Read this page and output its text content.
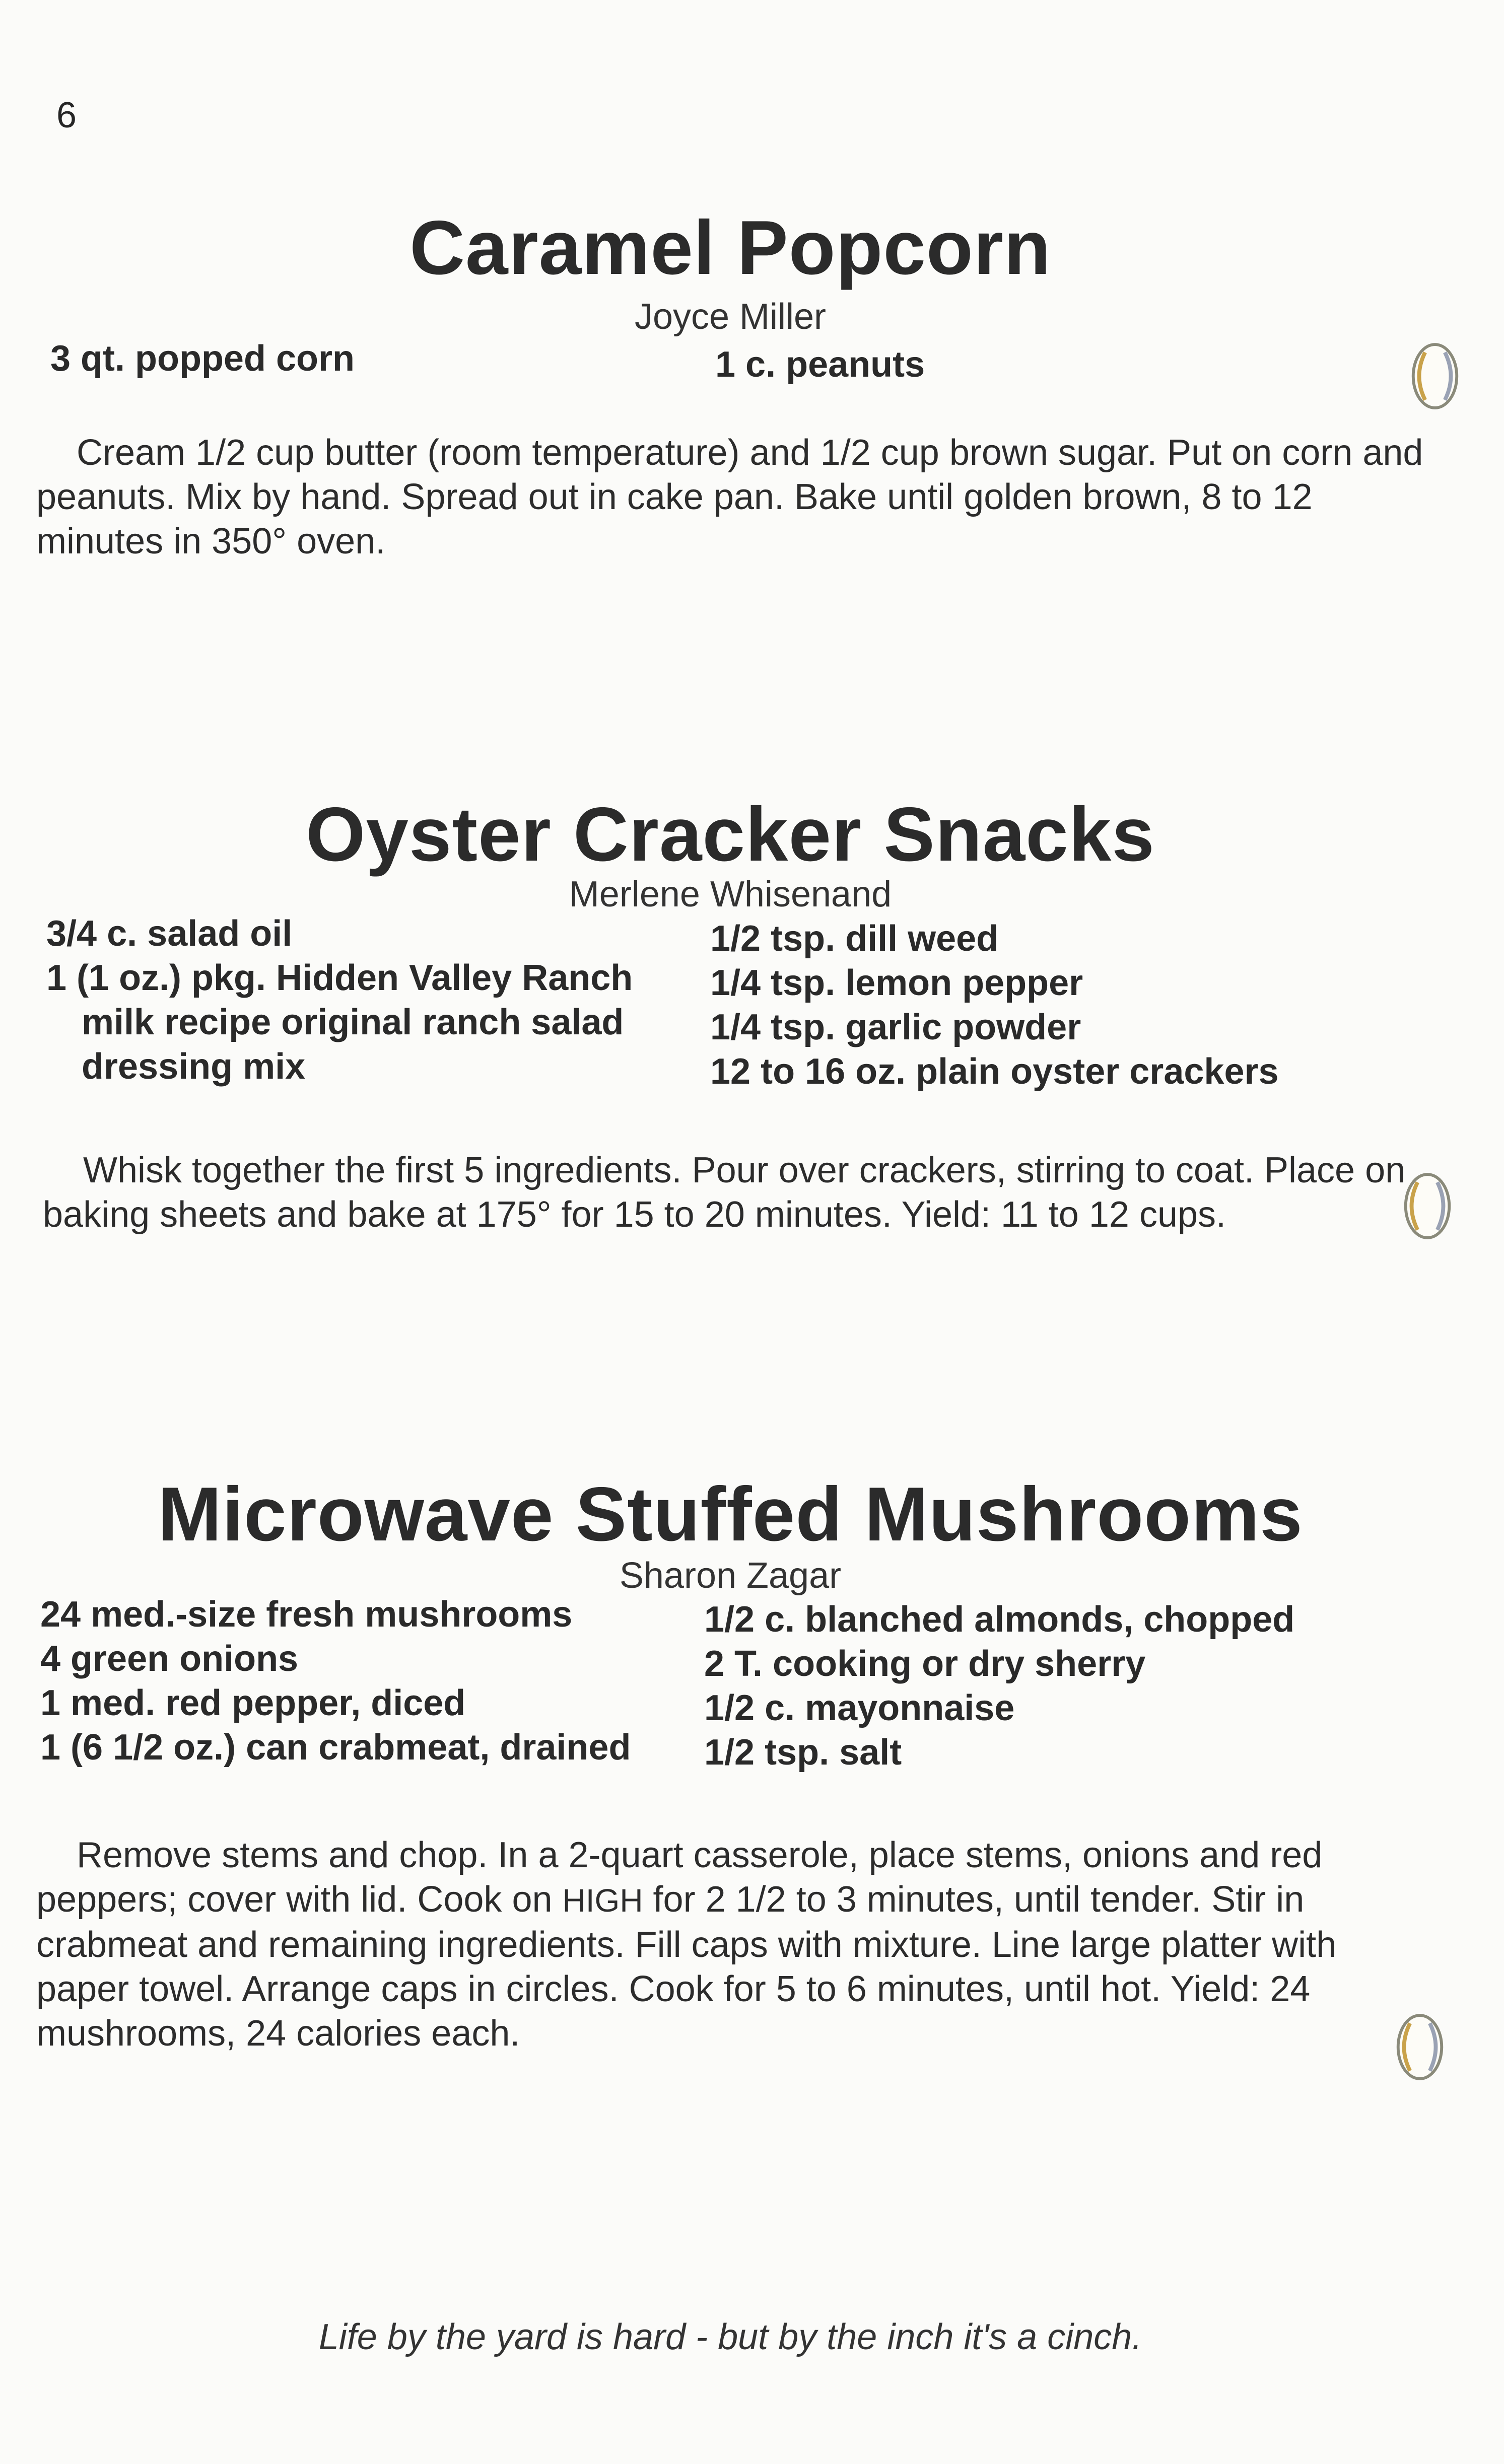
6
Caramel Popcorn
Joyce Miller
3 qt. popped corn	1 c. peanuts
Cream 1/2 cup butter (room temperature) and 1/2 cup brown sugar. Put on corn and peanuts. Mix by hand. Spread out in cake pan. Bake until golden brown, 8 to 12 minutes in 350° oven.
Oyster Cracker Snacks
Merlene Whisenand
3/4 c. salad oil
1 (1 oz.) pkg. Hidden Valley Ranch
milk recipe original ranch salad
dressing mix
1/2 tsp. dill weed
1/4 tsp. lemon pepper
1/4 tsp. garlic powder
12 to 16 oz. plain oyster crackers
Whisk together the first 5 ingredients. Pour over crackers, stirring to coat. Place on baking sheets and bake at 175° for 15 to 20 minutes. Yield: 11 to 12 cups.
Microwave Stuffed Mushrooms
Sharon Zagar
24 med.-size fresh mushrooms
4 green onions
1 med. red pepper, diced
1 (6 1/2 oz.) can crabmeat, drained
1/2 c. blanched almonds, chopped
2 T. cooking or dry sherry
1/2 c. mayonnaise
1/2 tsp. salt
Remove stems and chop. In a 2-quart casserole, place stems, onions and red peppers; cover with lid. Cook on HIGH for 2 1/2 to 3 minutes, until tender. Stir in crabmeat and remaining ingredients. Fill caps with mixture. Line large platter with paper towel. Arrange caps in circles. Cook for 5 to 6 minutes, until hot. Yield: 24 mushrooms, 24 calories each.
Life by the yard is hard - but by the inch it's a cinch.
